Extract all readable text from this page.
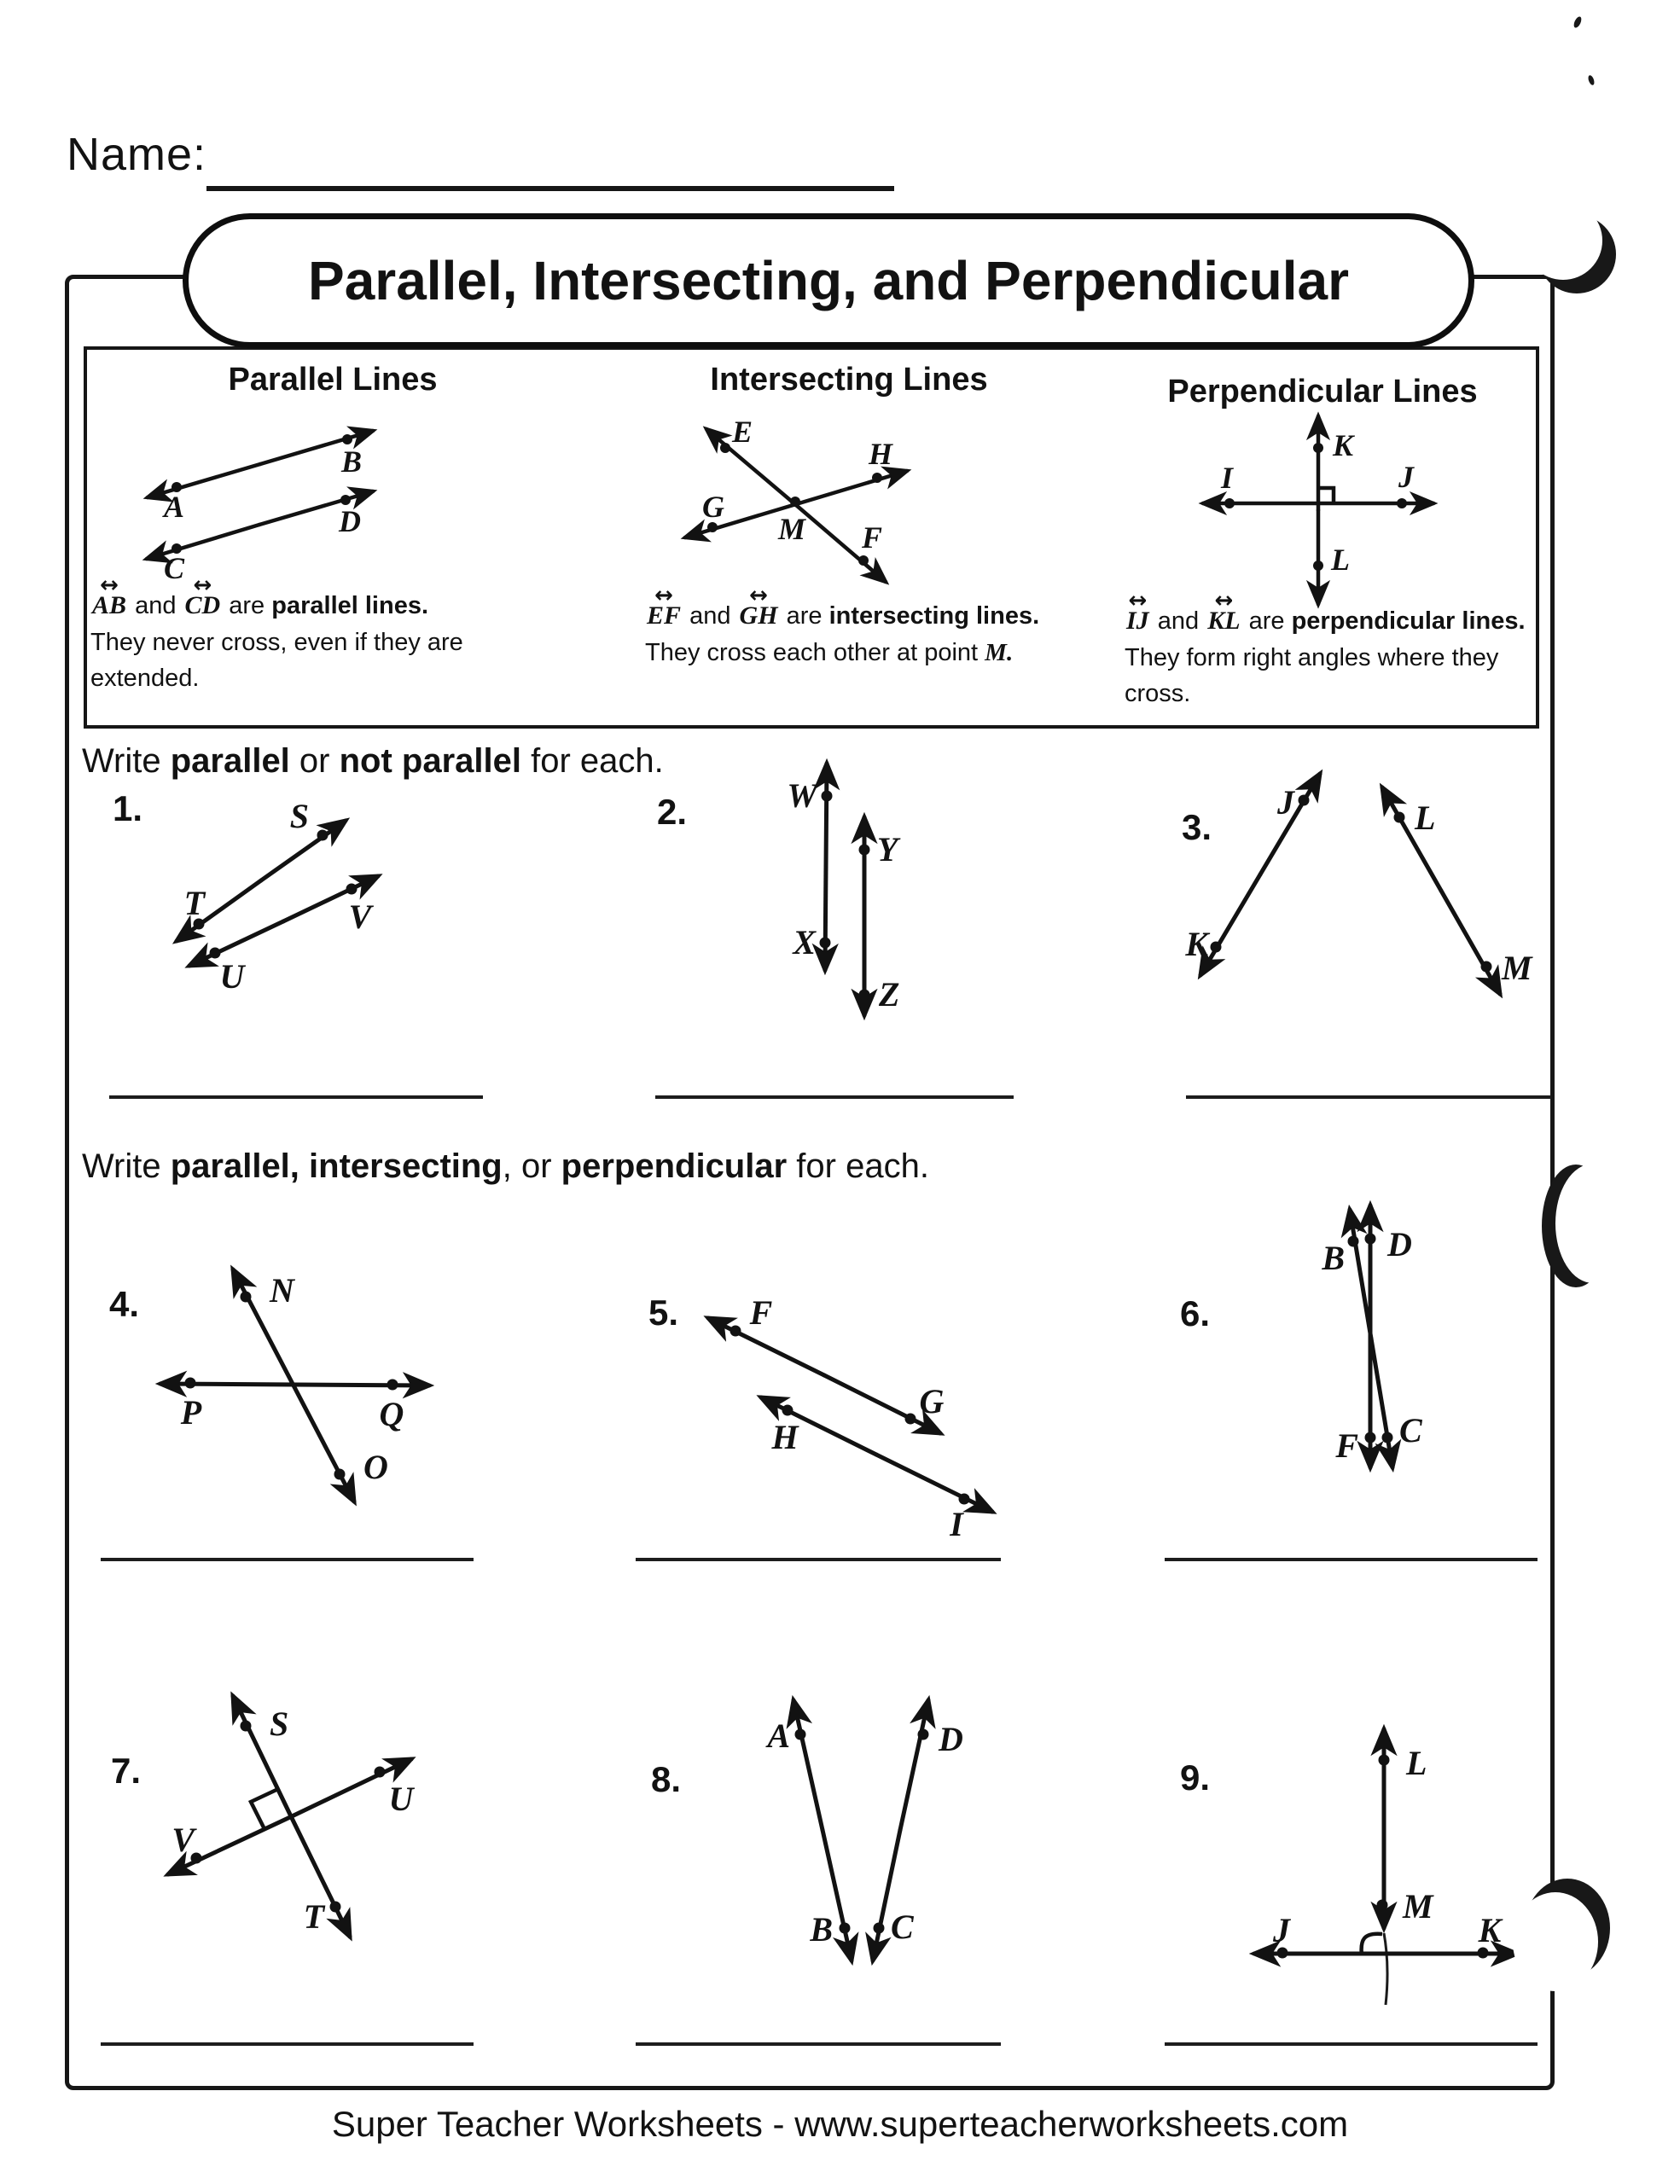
Name:
Parallel, Intersecting, and Perpendicular
Parallel Lines	Intersecting Lines	Perpendicular Lines
A
B
C
D
E
H
G
M F
K
L
I	J
↔ AB and ↔ CD are parallel lines.
They never cross, even if they are extended.
↔ EF and ↔ GH are intersecting lines.
They cross each other at point M.
↔ IJ and ↔ KL are perpendicular lines.
They form right angles where they cross.
Write parallel or not parallel for each.
1.	2.	3.
4.	5.	6.
7.	8.	9.
S
T
U
V
W
X
Y
Z
J
K
L
M
Write parallel, intersecting, or perpendicular for each.
N
P	Q
O
F
G
H
I
B D
F C
S
U
V
T
A	D
B C
L
M
J	K
Super Teacher Worksheets - www.superteacherworksheets.com
